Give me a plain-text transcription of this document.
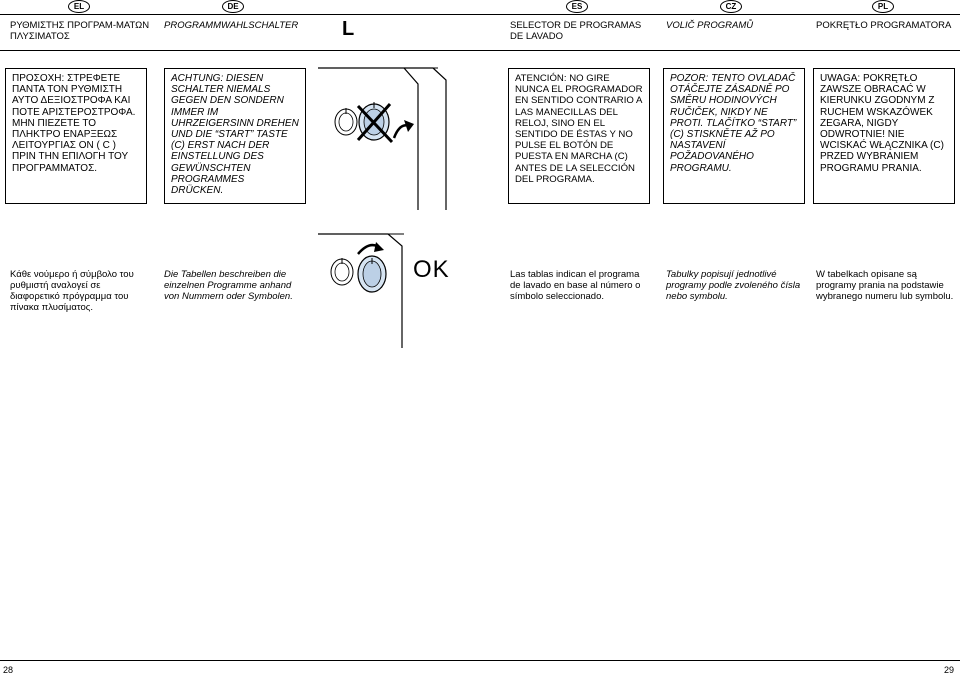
EL	DE	ES	CZ	PL
ΡΥΘΜΙΣΤΗΣ ΠΡΟΓΡΑΜ-ΜΑΤΩΝ ΠΛΥΣΙΜΑΤΟΣ
PROGRAMMWAHLSCHALTER	L	SELECTOR DE PROGRAMAS DE LAVADO
VOLIČ PROGRAMŮ	POKRĘTŁO PROGRAMATORA
ΠΡΟΣΟΧΗ: ΣΤΡΕΦΕΤΕ ΠΑΝΤΑ ΤΟΝ ΡΥΘΜΙΣΤΗ ΑΥΤΟ ΔΕΞΙΟΣΤΡΟΦΑ ΚΑΙ ΠΟΤΕ ΑΡΙΣΤΕΡΟΣΤΡΟΦΑ. ΜΗΝ ΠΙΕΖΕΤΕ ΤΟ ΠΛΗΚΤΡΟ ΕΝΑΡΞΕΩΣ ΛΕΙΤΟΥΡΓΙΑΣ ON ( C ) ΠΡΙΝ ΤΗΝ ΕΠΙΛΟΓΗ ΤΟΥ ΠΡΟΓΡΑΜΜΑΤΟΣ.
ACHTUNG: DIESEN SCHALTER NIEMALS GEGEN DEN SONDERN IMMER IM UHRZEIGERSINN DREHEN UND DIE “START” TASTE (C) ERST NACH DER EINSTELLUNG DES GEWÜNSCHTEN PROGRAMMES DRÜCKEN.
ATENCIÓN: NO GIRE NUNCA EL PROGRAMADOR EN SENTIDO CONTRARIO A LAS MANECILLAS DEL RELOJ, SINO EN EL SENTIDO DE ÉSTAS Y NO PULSE EL BOTÓN DE PUESTA EN MARCHA (C) ANTES DE LA SELECCIÓN DEL PROGRAMA.
POZOR: TENTO OVLADAČ OTÁČEJTE ZÁSADNĚ PO SMĚRU HODINOVÝCH RUČIČEK, NIKDY NE PROTI. TLAČÍTKO “START” (C) STISKNĚTE AŽ PO NASTAVENÍ POŽADOVANÉHO PROGRAMU.
UWAGA: POKRĘTŁO ZAWSZE OBRACAĆ W KIERUNKU ZGODNYM Z RUCHEM WSKAZÓWEK ZEGARA, NIGDY ODWROTNIE! NIE WCISKAĆ WŁĄCZNIKA (C) PRZED WYBRANIEM PROGRAMU PRANIA.
OK
Κάθε νούμερο ή σύμβολο του ρυθμιστή αναλογεί σε διαφορετικό πρόγραμμα του πίνακα πλυσίματος.
Die Tabellen beschreiben die einzelnen Programme anhand von Nummern oder Symbolen.
Las tablas indican el programa de lavado en base al número o símbolo seleccionado.
Tabulky popisují jednotlivé programy podle zvoleného čísla nebo symbolu.
W tabelkach opisane są programy prania na podstawie wybranego numeru lub symbolu.
28	29
